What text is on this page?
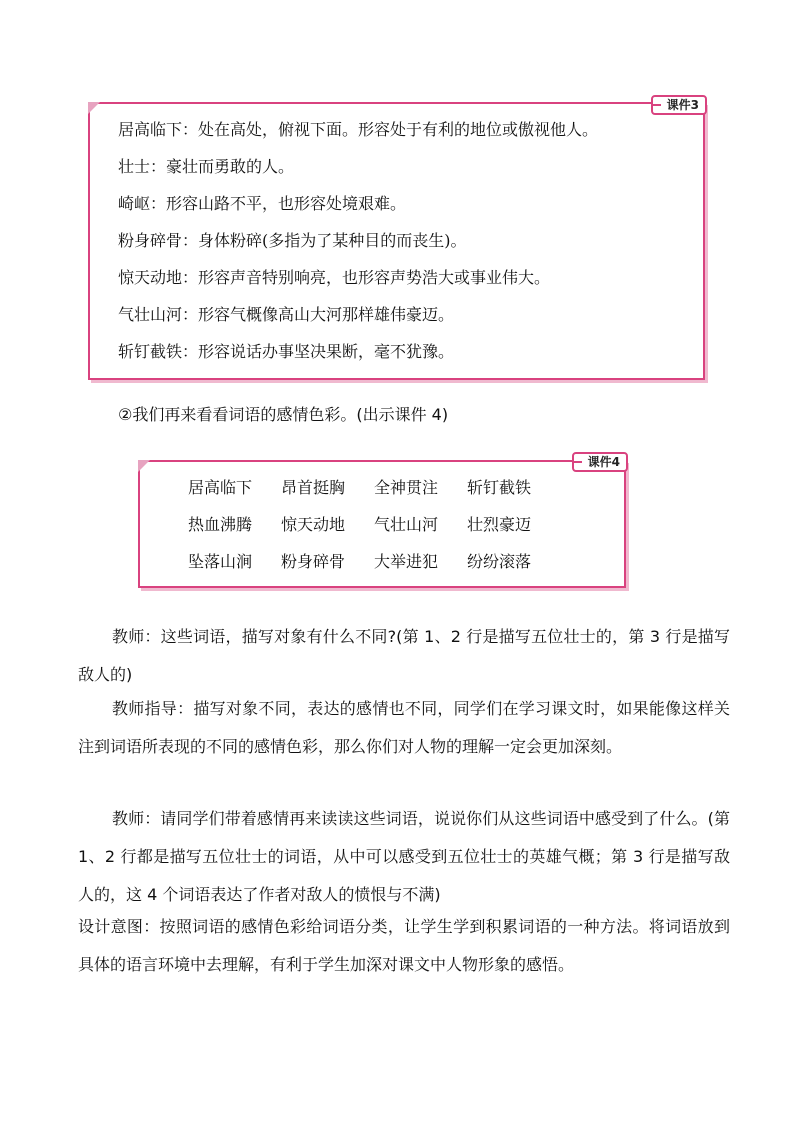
课件3
居高临下：处在高处，俯视下面。形容处于有利的地位或傲视他人。
壮士：豪壮而勇敢的人。
崎岖：形容山路不平，也形容处境艰难。
粉身碎骨：身体粉碎(多指为了某种目的而丧生)。
惊天动地：形容声音特别响亮，也形容声势浩大或事业伟大。
气壮山河：形容气概像高山大河那样雄伟豪迈。
斩钉截铁：形容说话办事坚决果断，毫不犹豫。
②我们再来看看词语的感情色彩。(出示课件 4)
课件4
居高临下 昂首挺胸 全神贯注 斩钉截铁
热血沸腾 惊天动地 气壮山河 壮烈豪迈
坠落山涧 粉身碎骨 大举进犯 纷纷滚落
教师：这些词语，描写对象有什么不同?(第 1、2 行是描写五位壮士的，第 3 行是描写敌人的)
教师指导：描写对象不同，表达的感情也不同，同学们在学习课文时，如果能像这样关注到词语所表现的不同的感情色彩，那么你们对人物的理解一定会更加深刻。
教师：请同学们带着感情再来读读这些词语，说说你们从这些词语中感受到了什么。(第 1、2 行都是描写五位壮士的词语，从中可以感受到五位壮士的英雄气概；第 3 行是描写敌人的，这 4 个词语表达了作者对敌人的愤恨与不满)
设计意图：按照词语的感情色彩给词语分类，让学生学到积累词语的一种方法。将词语放到具体的语言环境中去理解，有利于学生加深对课文中人物形象的感悟。
